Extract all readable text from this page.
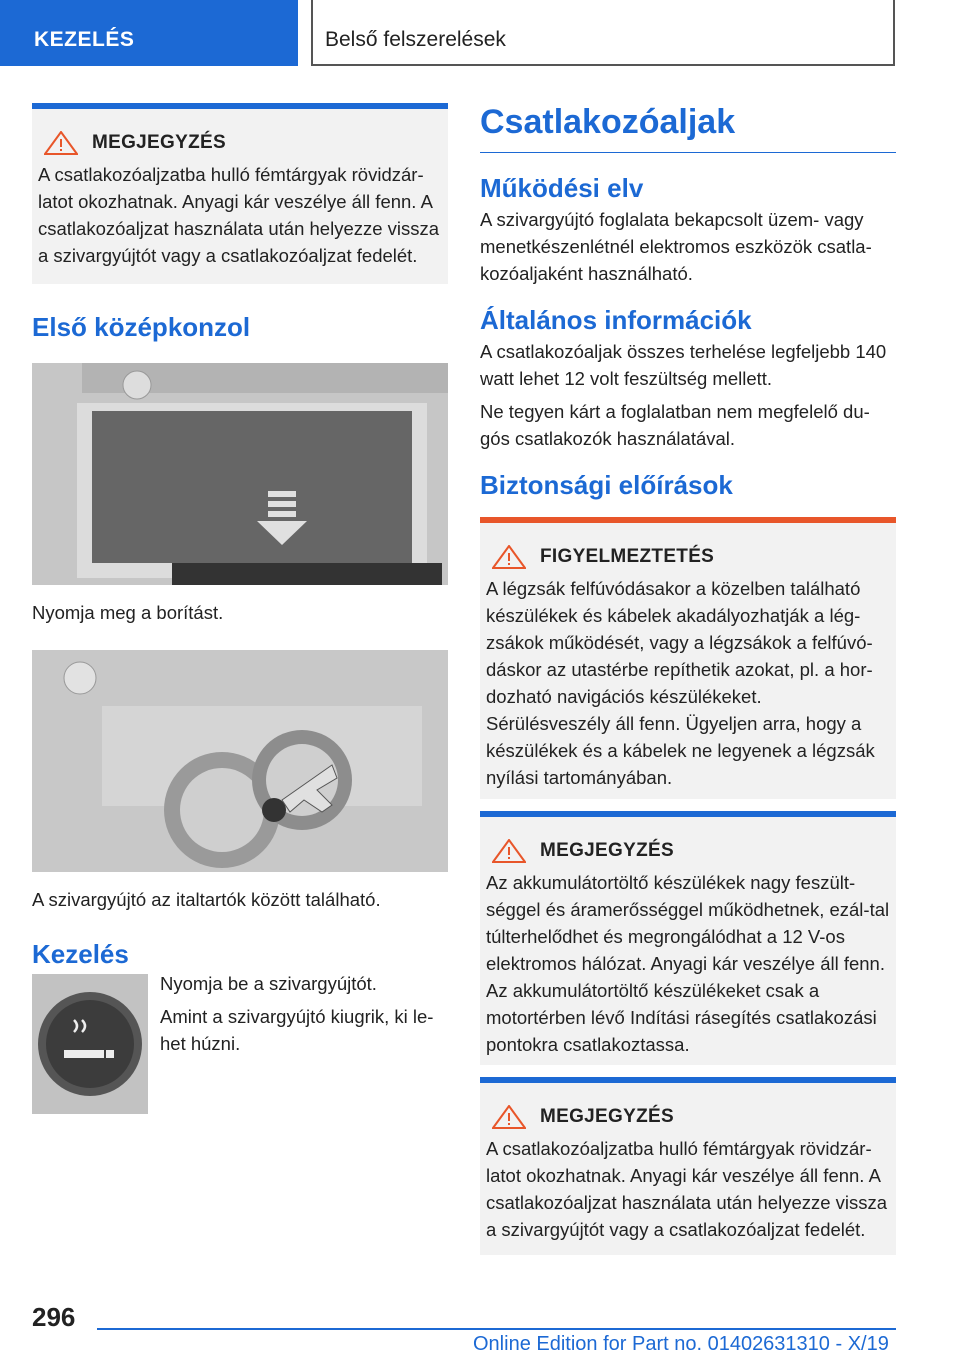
KEZELÉS	Belső felszerelések
MEGJEGYZÉS
A csatlakozóaljzatba hulló fémtárgyak rövidzár-latot okozhatnak. Anyagi kár veszélye áll fenn. A csatlakozóaljzat használata után helyezze vissza a szivargyújtót vagy a csatlakozóaljzat fedelét.
Első középkonzol

Nyomja meg a borítást.

A szivargyújtó az italtartók között található.

Kezelés

Nyomja be a szivargyújtót.

Amint a szivargyújtó kiugrik, ki le-het húzni.

Csatlakozóaljak
Működési elv

A szivargyújtó foglalata bekapcsolt üzem- vagy menetkészenlétnél elektromos eszközök csatla-kozóaljaként használható.

Általános információk

A csatlakozóaljak összes terhelése legfeljebb 140 watt lehet 12 volt feszültség mellett.

Ne tegyen kárt a foglalatban nem megfelelő du-gós csatlakozók használatával.

Biztonsági előírások
FIGYELMEZTETÉS
A légzsák felfúvódásakor a közelben található készülékek és kábelek akadályozhatják a lég-zsákok működését, vagy a légzsákok a felfúvó-dáskor az utastérbe repíthetik azokat, pl. a hor-dozható navigációs készülékeket. Sérülésveszély áll fenn. Ügyeljen arra, hogy a készülékek és a kábelek ne legyenek a légzsák nyílási tartományában.
MEGJEGYZÉS
Az akkumulátortöltő készülékek nagy feszült-séggel és áramerősséggel működhetnek, ezál-tal túlterhelődhet és megrongálódhat a 12 V-os elektromos hálózat. Anyagi kár veszélye áll fenn. Az akkumulátortöltő készülékeket csak a motortérben lévő Indítási rásegítés csatlakozási pontokra csatlakoztassa.
MEGJEGYZÉS
A csatlakozóaljzatba hulló fémtárgyak rövidzár-latot okozhatnak. Anyagi kár veszélye áll fenn. A csatlakozóaljzat használata után helyezze vissza a szivargyújtót vagy a csatlakozóaljzat fedelét.
296
Online Edition for Part no. 01402631310 - X/19
